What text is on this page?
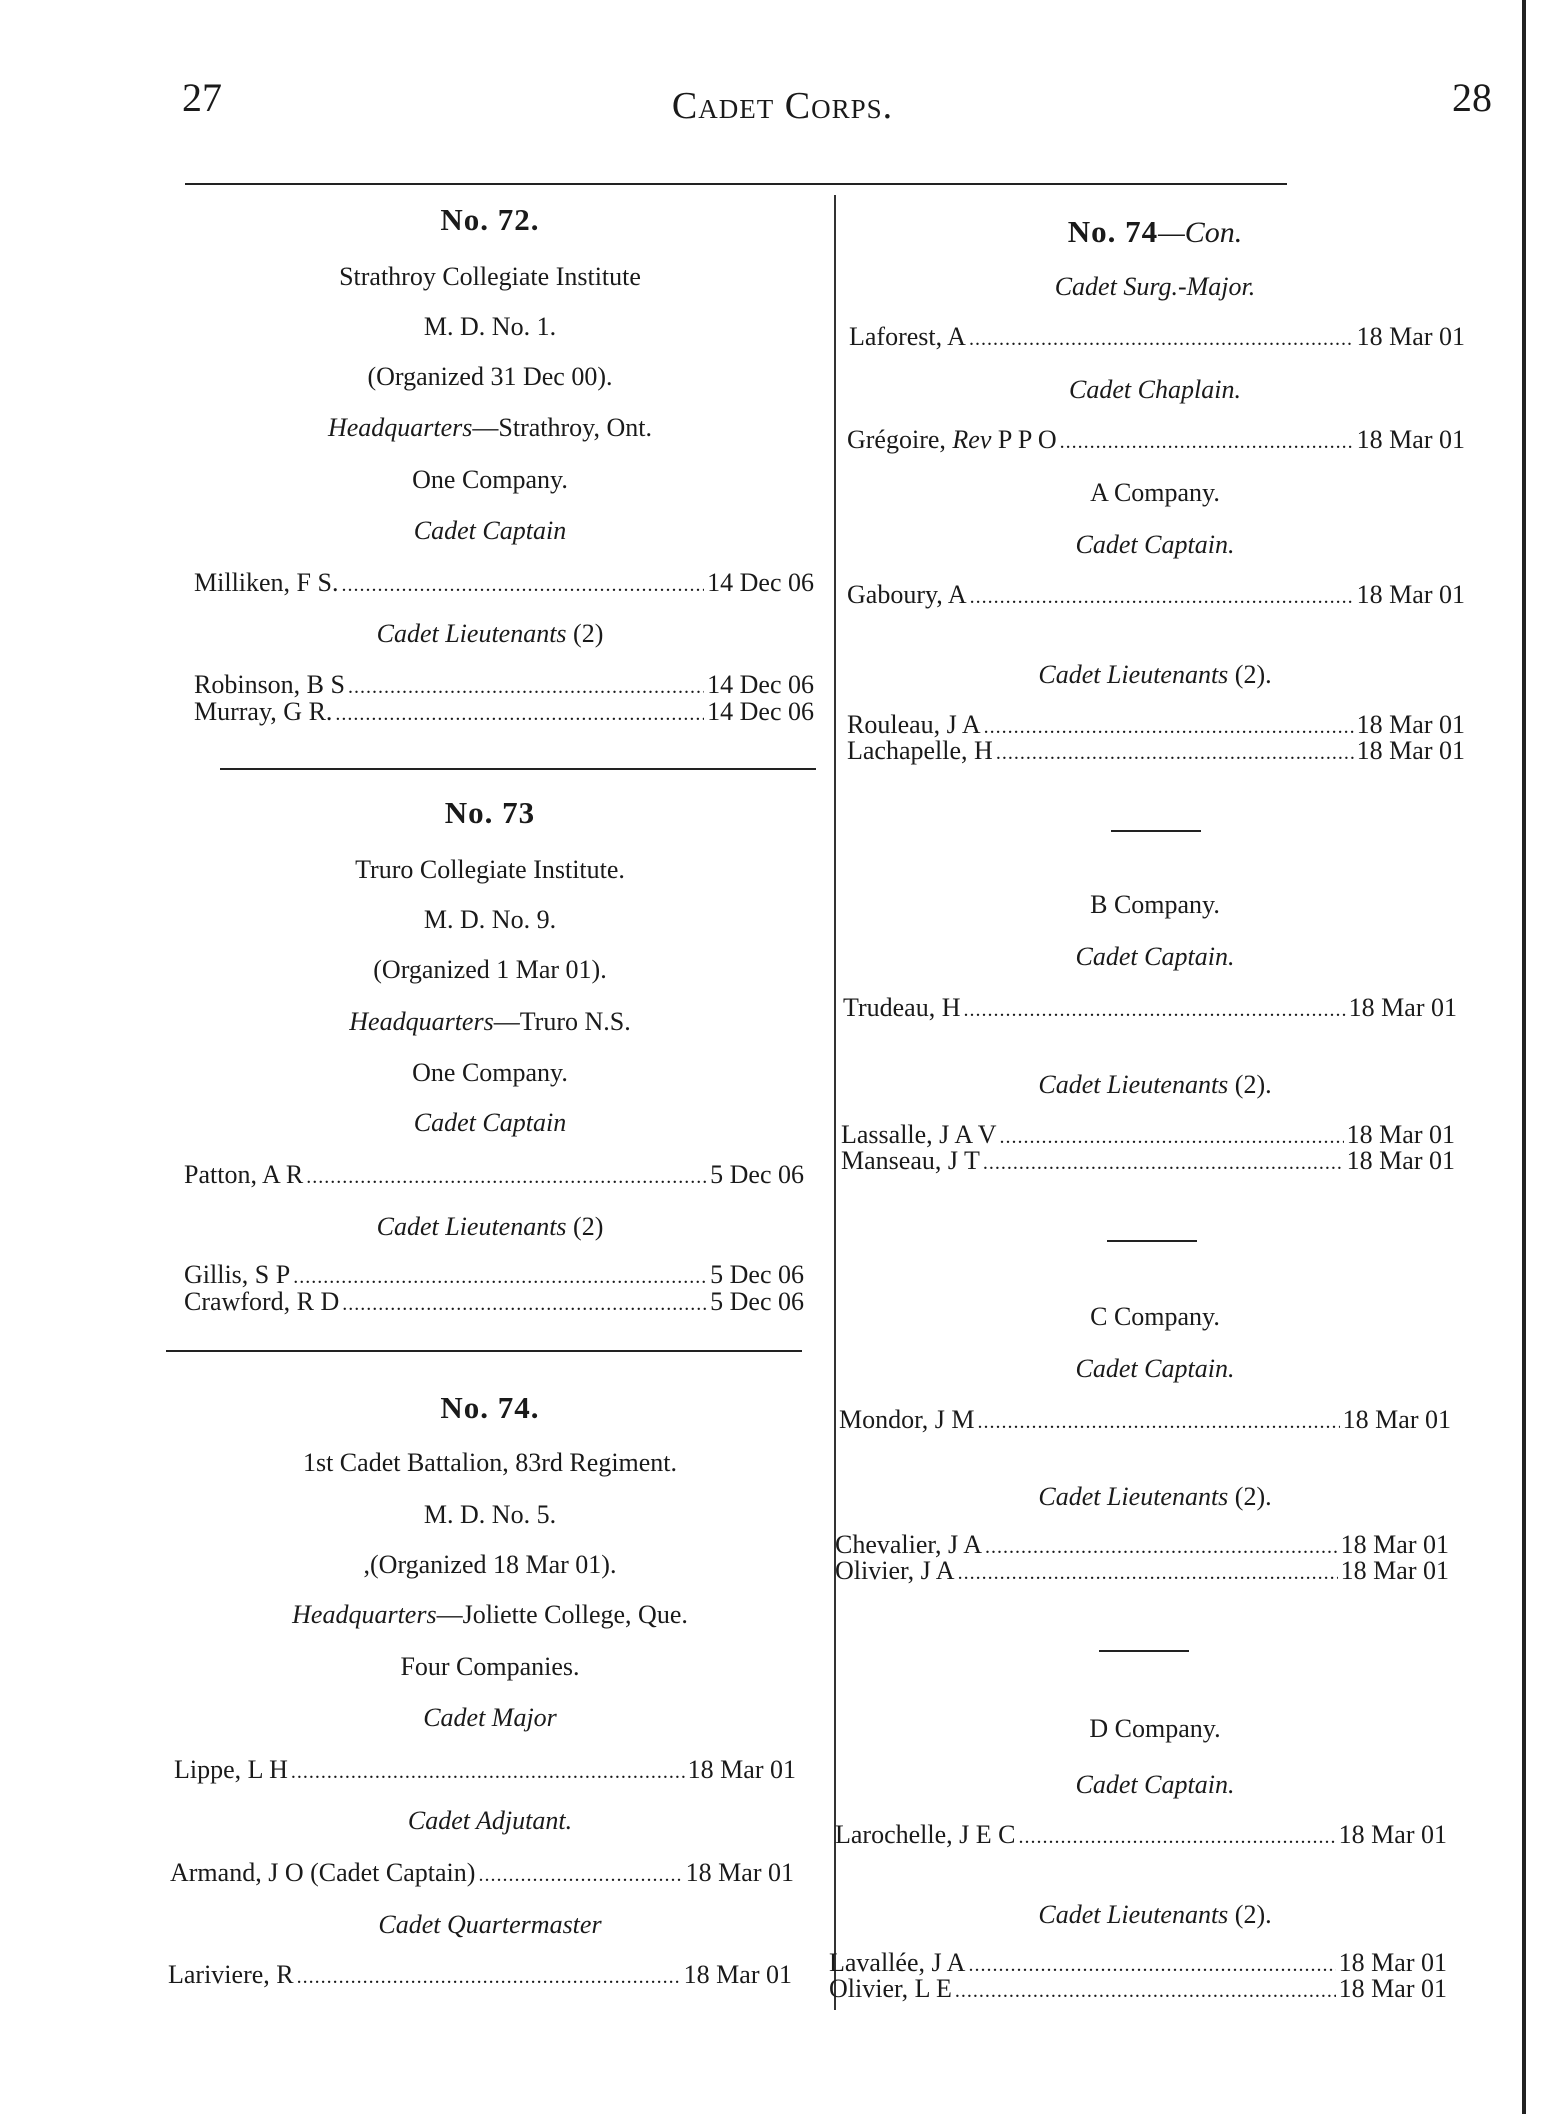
27	Cadet Corps.	28
No. 72.
Strathroy Collegiate Institute
M. D. No. 1.
(Organized 31 Dec 00).
Headquarters—Strathroy, Ont.
One Company.
Cadet Captain
Milliken, F S. . . .	14 Dec 06
Cadet Lieutenants (2)
Robinson, B S . . .	14 Dec 06
Murray, G R. . . .	14 Dec 06
No. 73
Truro Collegiate Institute.
M. D. No. 9.
(Organized 1 Mar 01).
Headquarters—Truro N.S.
One Company.
Cadet Captain
Patton, A R . . .	5 Dec 06
Cadet Lieutenants (2)
Gillis, S P . . .	5 Dec 06
Crawford, R D . . .	5 Dec 06
No. 74.
1st Cadet Battalion, 83rd Regiment.
M. D. No. 5.
,(Organized 18 Mar 01).
Headquarters—Joliette College, Que.
Four Companies.
Cadet Major
Lippe, L H . . .	18 Mar 01
Cadet Adjutant.
Armand, J O (Cadet Captain) . . .	18 Mar 01
Cadet Quartermaster
Lariviere, R . . .	18 Mar 01
No. 74—Con.
Cadet Surg.-Major.
Laforest, A . . .	18 Mar 01
Cadet Chaplain.
Grégoire, Rev P P O . . .	18 Mar 01
A Company.
Cadet Captain.
Gaboury, A . . .	18 Mar 01
Cadet Lieutenants (2).
Rouleau, J A . . .	18 Mar 01
Lachapelle, H . . .	18 Mar 01
B Company.
Cadet Captain.
Trudeau, H . . .	18 Mar 01
Cadet Lieutenants (2).
Lassalle, J A V . . .	18 Mar 01
Manseau, J T . . .	18 Mar 01
C Company.
Cadet Captain.
Mondor, J M . . .	18 Mar 01
Cadet Lieutenants (2).
Chevalier, J A . . .	18 Mar 01
Olivier, J A . . .	18 Mar 01
D Company.
Cadet Captain.
Larochelle, J E C . . .	18 Mar 01
Cadet Lieutenants (2).
Lavallée, J A . . .	18 Mar 01
Olivier, L E . . .	18 Mar 01
